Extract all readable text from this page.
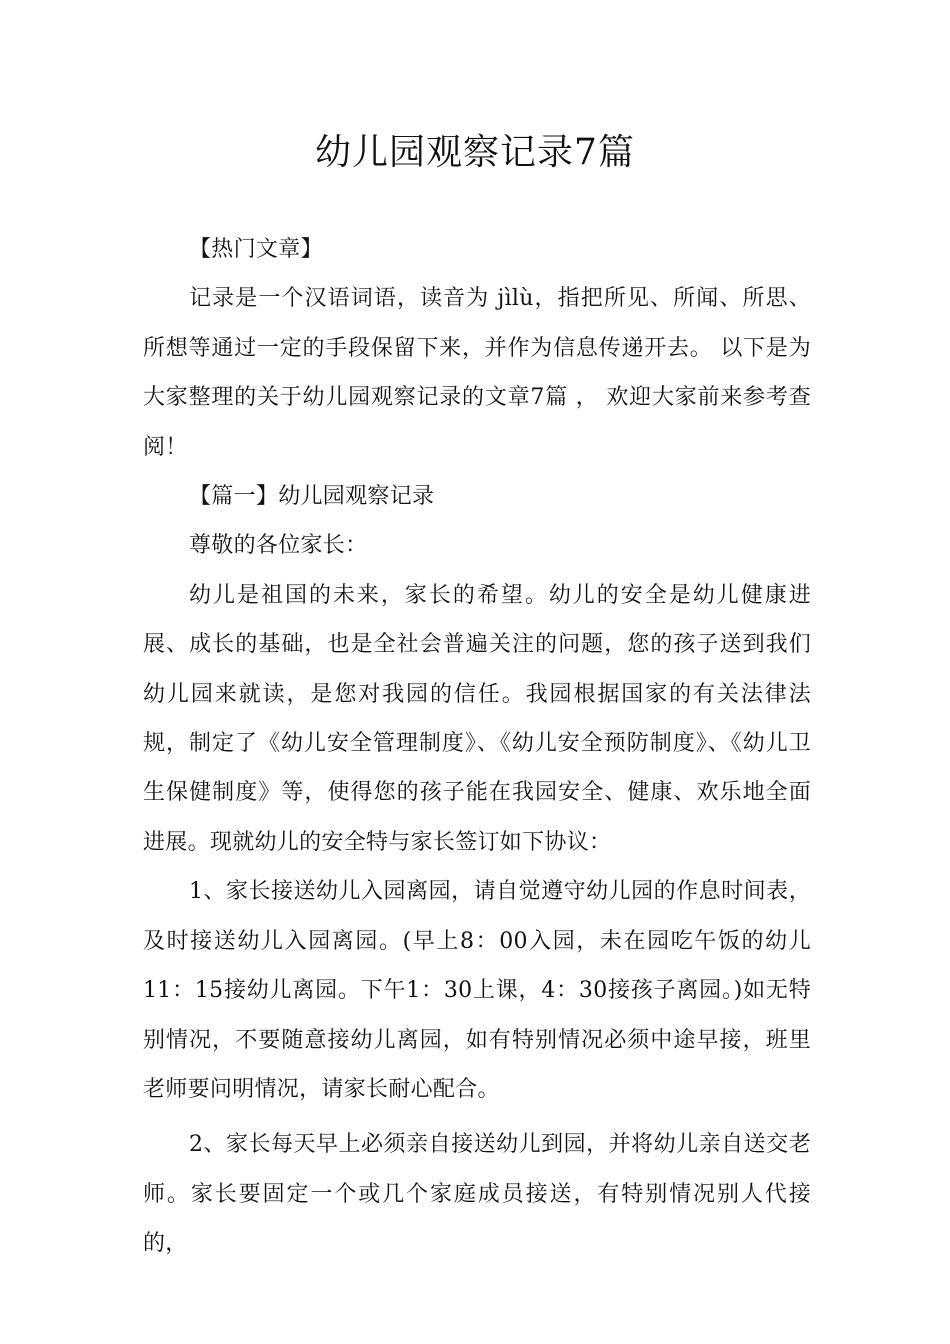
幼儿园观察记录7篇

【热门文章】

记录是一个汉语词语，读音为 jìlù，指把所见、所闻、所思、所想等通过一定的手段保留下来，并作为信息传递开去。 以下是为大家整理的关于幼儿园观察记录的文章7篇 ， 欢迎大家前来参考查阅！

【篇一】幼儿园观察记录

尊敬的各位家长：

幼儿是祖国的未来，家长的希望。幼儿的安全是幼儿健康进展、成长的基础，也是全社会普遍关注的问题，您的孩子送到我们幼儿园来就读，是您对我园的信任。我园根据国家的有关法律法规，制定了《幼儿安全管理制度》、《幼儿安全预防制度》、《幼儿卫生保健制度》等，使得您的孩子能在我园安全、健康、欢乐地全面进展。现就幼儿的安全特与家长签订如下协议：

1、家长接送幼儿入园离园，请自觉遵守幼儿园的作息时间表，及时接送幼儿入园离园。(早上8：00入园，未在园吃午饭的幼儿11：15接幼儿离园。下午1：30上课，4：30接孩子离园。)如无特别情况，不要随意接幼儿离园，如有特别情况必须中途早接，班里老师要问明情况，请家长耐心配合。

2、家长每天早上必须亲自接送幼儿到园，并将幼儿亲自送交老师。家长要固定一个或几个家庭成员接送，有特别情况别人代接的，
